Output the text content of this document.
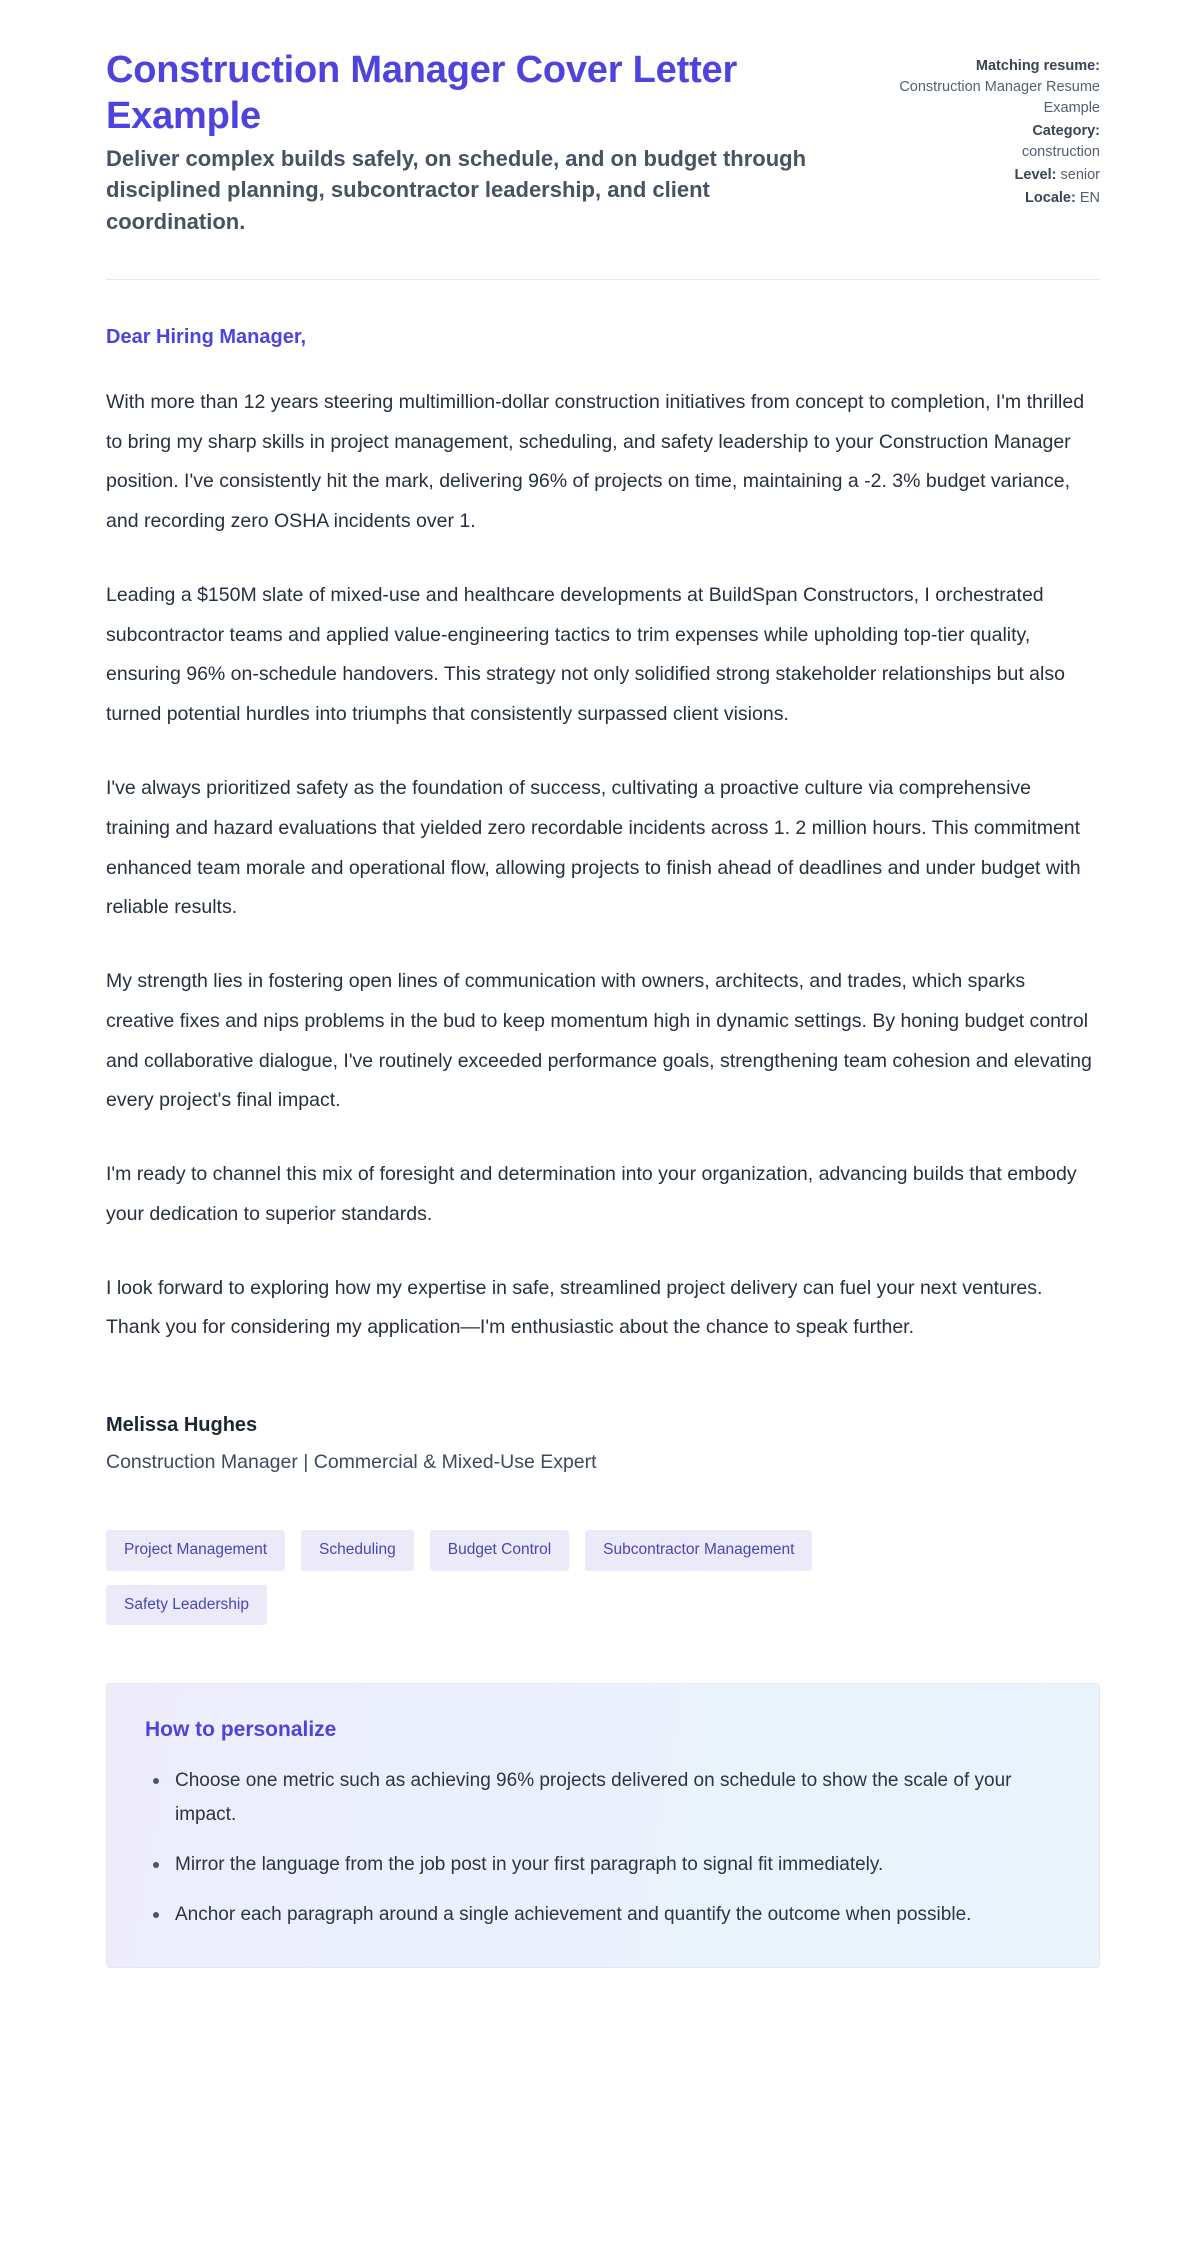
Construction Manager Cover Letter Example

Deliver complex builds safely, on schedule, and on budget through disciplined planning, subcontractor leadership, and client coordination.

Matching resume:
Construction Manager Resume Example
Category:
construction
Level: senior
Locale: EN

Dear Hiring Manager,

With more than 12 years steering multimillion-dollar construction initiatives from concept to completion, I'm thrilled to bring my sharp skills in project management, scheduling, and safety leadership to your Construction Manager position. I've consistently hit the mark, delivering 96% of projects on time, maintaining a -2. 3% budget variance, and recording zero OSHA incidents over 1.

Leading a $150M slate of mixed-use and healthcare developments at BuildSpan Constructors, I orchestrated subcontractor teams and applied value-engineering tactics to trim expenses while upholding top-tier quality, ensuring 96% on-schedule handovers. This strategy not only solidified strong stakeholder relationships but also turned potential hurdles into triumphs that consistently surpassed client visions.

I've always prioritized safety as the foundation of success, cultivating a proactive culture via comprehensive training and hazard evaluations that yielded zero recordable incidents across 1. 2 million hours. This commitment enhanced team morale and operational flow, allowing projects to finish ahead of deadlines and under budget with reliable results.

My strength lies in fostering open lines of communication with owners, architects, and trades, which sparks creative fixes and nips problems in the bud to keep momentum high in dynamic settings. By honing budget control and collaborative dialogue, I've routinely exceeded performance goals, strengthening team cohesion and elevating every project's final impact.

I'm ready to channel this mix of foresight and determination into your organization, advancing builds that embody your dedication to superior standards.

I look forward to exploring how my expertise in safe, streamlined project delivery can fuel your next ventures. Thank you for considering my application—I'm enthusiastic about the chance to speak further.

Melissa Hughes

Construction Manager | Commercial & Mixed-Use Expert

Project Management	Scheduling	Budget Control	Subcontractor Management
Safety Leadership
How to personalize
Choose one metric such as achieving 96% projects delivered on schedule to show the scale of your impact.
Mirror the language from the job post in your first paragraph to signal fit immediately.
Anchor each paragraph around a single achievement and quantify the outcome when possible.
